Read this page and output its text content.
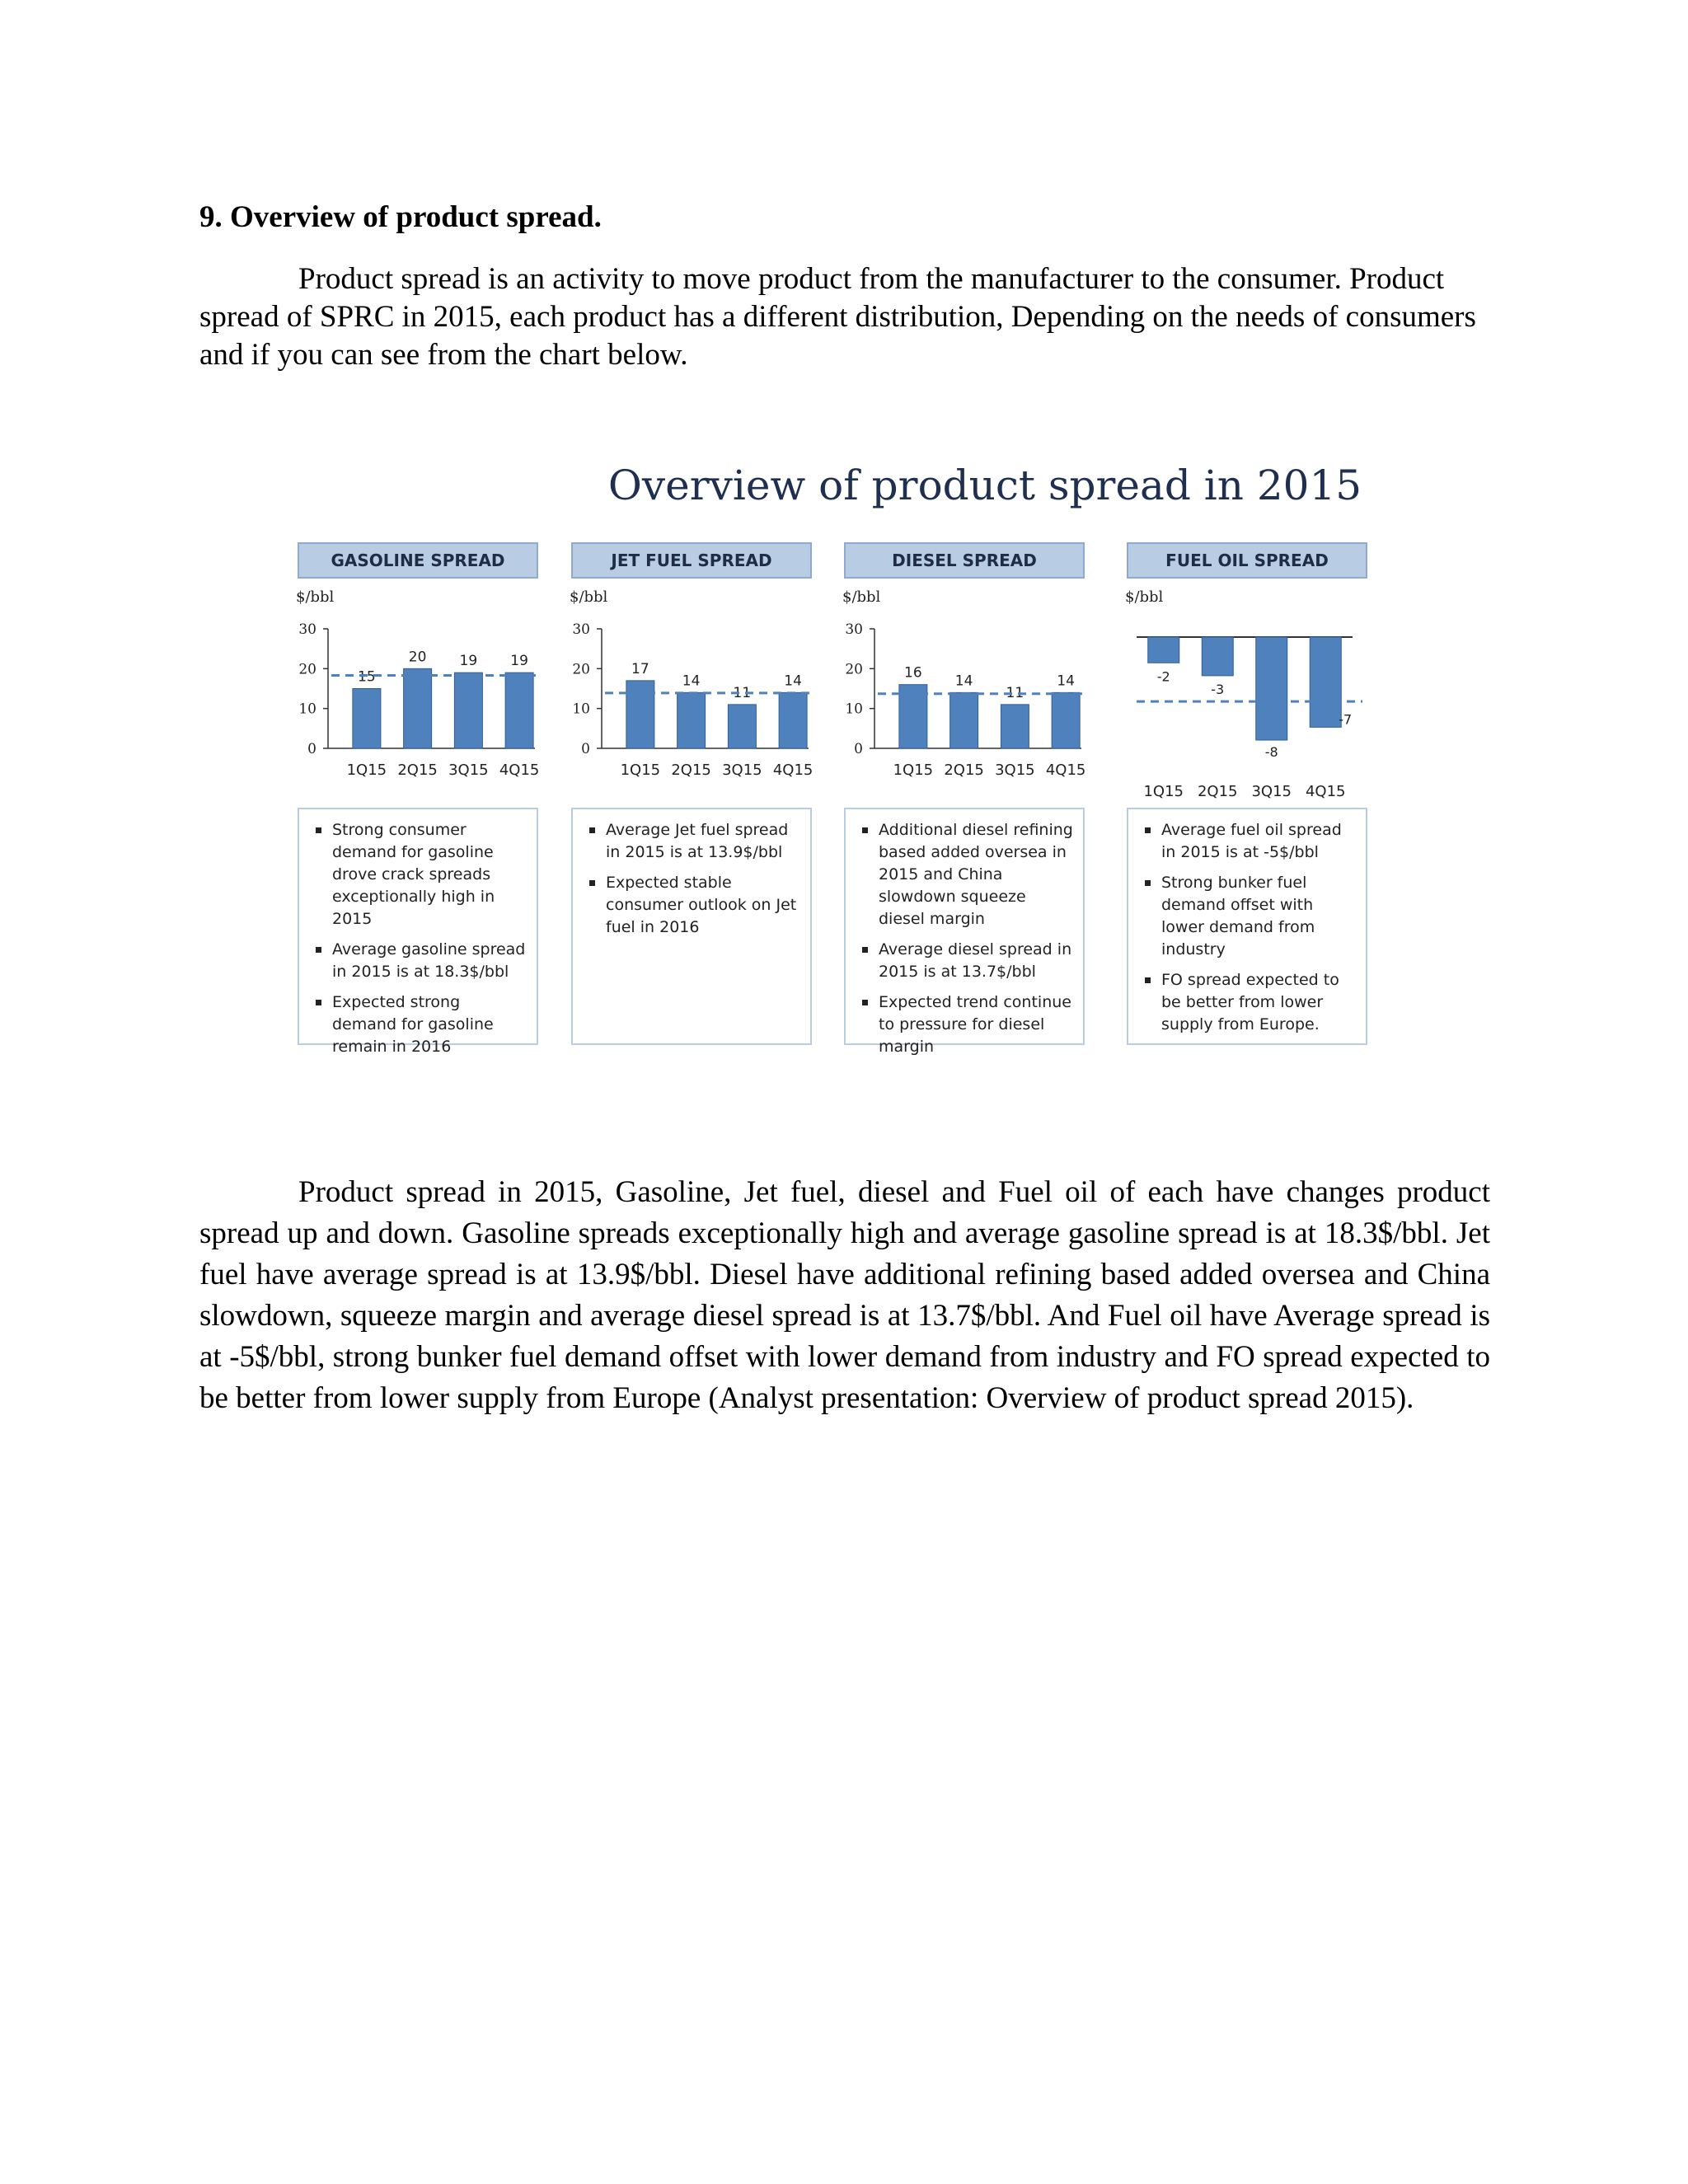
9. Overview of product spread.

Product spread is an activity to move product from the manufacturer to the consumer. Product spread of SPRC in 2015, each product has a different distribution, Depending on the needs of consumers and if you can see from the chart below.

Overview of product spread in 2015
GASOLINE SPREAD
$/bbl
0
10
20
30
15
1Q15
20
2Q15
19
3Q15
19
4Q15
Strong consumer demand for gasoline drove crack spreads exceptionally high in 2015
Average gasoline spread in 2015 is at 18.3$/bbl
Expected strong demand for gasoline remain in 2016
JET FUEL SPREAD
$/bbl
0
10
20
30
17
1Q15
14
2Q15
11
3Q15
14
4Q15
Average Jet fuel spread in 2015 is at 13.9$/bbl
Expected stable consumer outlook on Jet fuel in 2016
DIESEL SPREAD
$/bbl
0
10
20
30
16
1Q15
14
2Q15
11
3Q15
14
4Q15
Additional diesel refining based added oversea in 2015 and China slowdown squeeze diesel margin
Average diesel spread in 2015 is at 13.7$/bbl
Expected trend continue to pressure for diesel margin
FUEL OIL SPREAD
$/bbl
-2
1Q15
-3
2Q15
-8
3Q15
-7
4Q15
Average fuel oil spread in 2015 is at -5$/bbl
Strong bunker fuel demand offset with lower demand from industry
FO spread expected to be better from lower supply from Europe.

Product spread in 2015, Gasoline, Jet fuel, diesel and Fuel oil of each have changes product spread up and down. Gasoline spreads exceptionally high and average gasoline spread is at 18.3$/bbl. Jet fuel have average spread is at 13.9$/bbl. Diesel have additional refining based added oversea and China slowdown, squeeze margin and average diesel spread is at 13.7$/bbl. And Fuel oil have Average spread is at -5$/bbl, strong bunker fuel demand offset with lower demand from industry and FO spread expected to be better from lower supply from Europe (Analyst presentation: Overview of product spread 2015).
